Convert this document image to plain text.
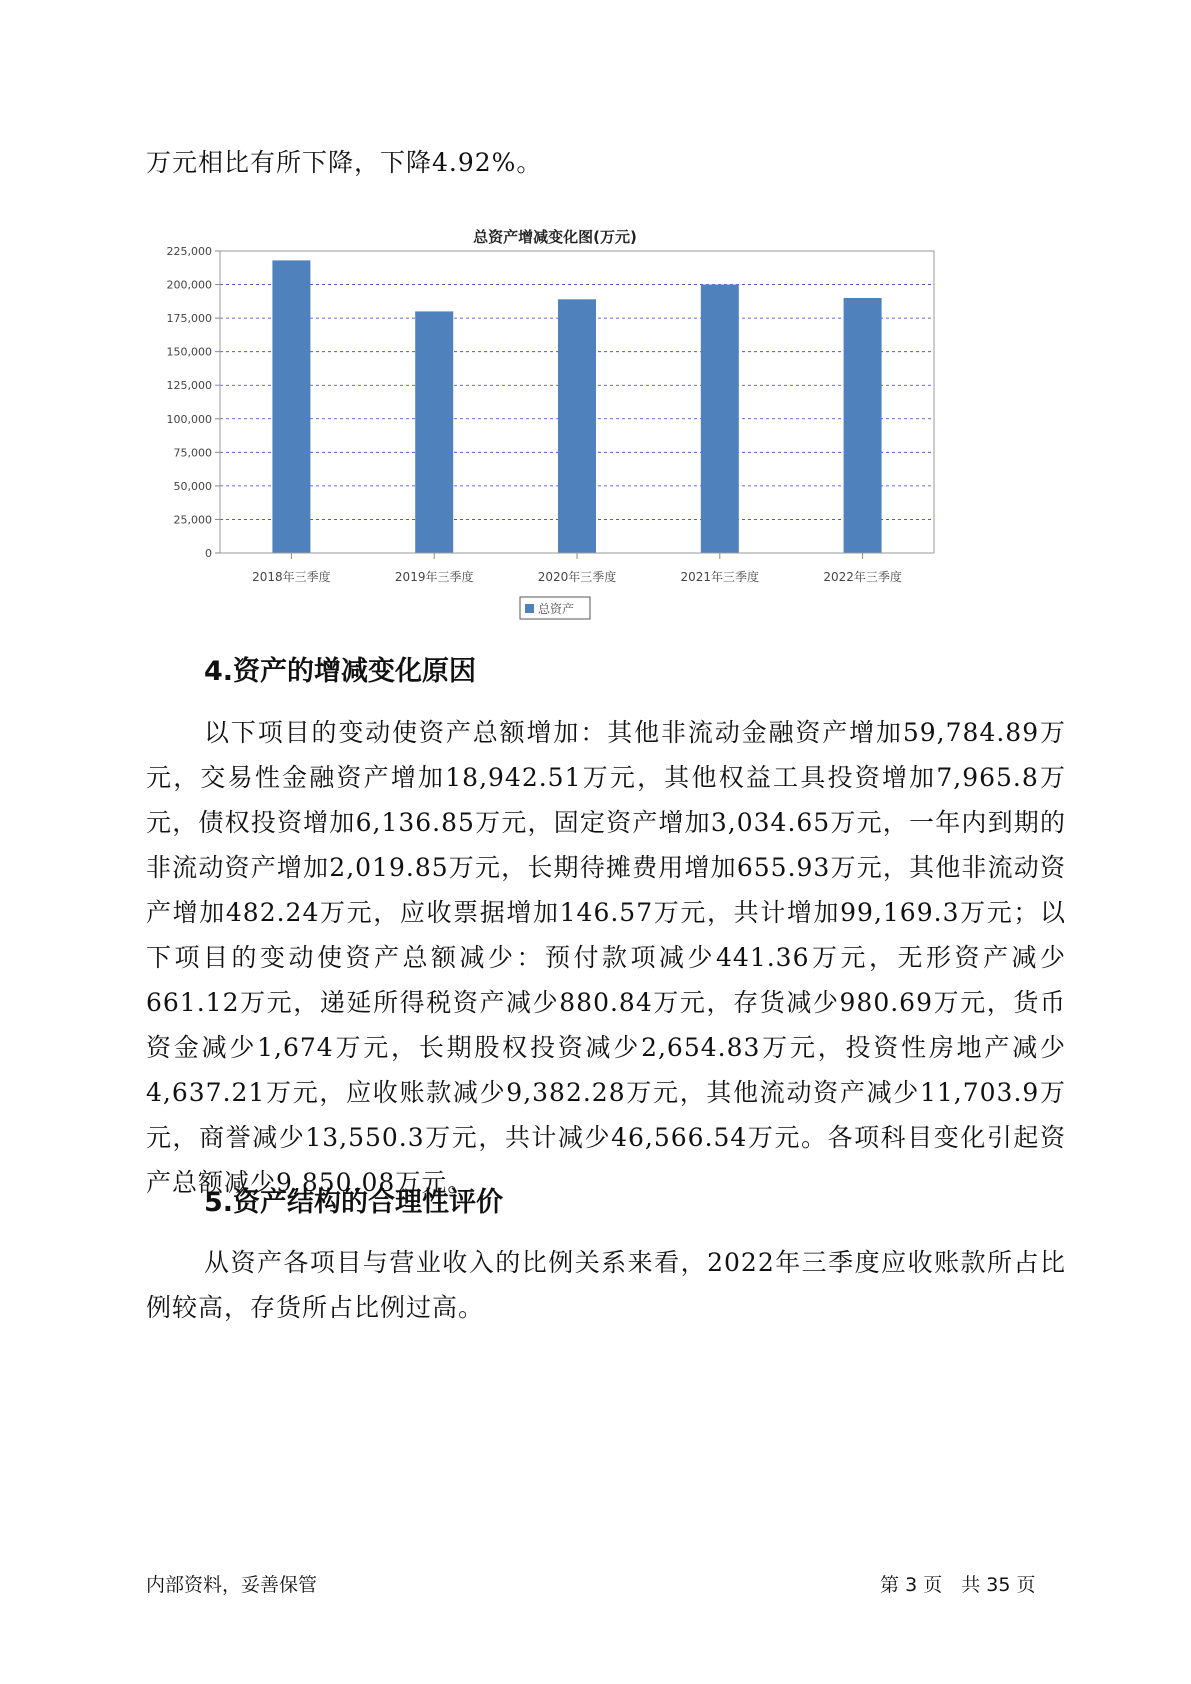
万元相比有所下降，下降4.92%。

总资产增减变化图(万元)
0
25,000
50,000
75,000
100,000
125,000
150,000
175,000
200,000
225,000
2018年三季度	2019年三季度	2020年三季度	2021年三季度	2022年三季度
总资产
4.资产的增减变化原因

以下项目的变动使资产总额增加：其他非流动金融资产增加59,784.89万元，交易性金融资产增加18,942.51万元，其他权益工具投资增加7,965.8万元，债权投资增加6,136.85万元，固定资产增加3,034.65万元，一年内到期的非流动资产增加2,019.85万元，长期待摊费用增加655.93万元，其他非流动资产增加482.24万元，应收票据增加146.57万元，共计增加99,169.3万元；以下项目的变动使资产总额减少：预付款项减少441.36万元，无形资产减少661.12万元，递延所得税资产减少880.84万元，存货减少980.69万元，货币资金减少1,674万元，长期股权投资减少2,654.83万元，投资性房地产减少4,637.21万元，应收账款减少9,382.28万元，其他流动资产减少11,703.9万元，商誉减少13,550.3万元，共计减少46,566.54万元。各项科目变化引起资产总额减少9,850.08万元。

5.资产结构的合理性评价

从资产各项目与营业收入的比例关系来看，2022年三季度应收账款所占比例较高，存货所占比例过高。

内部资料，妥善保管	第 3 页　共 35 页
